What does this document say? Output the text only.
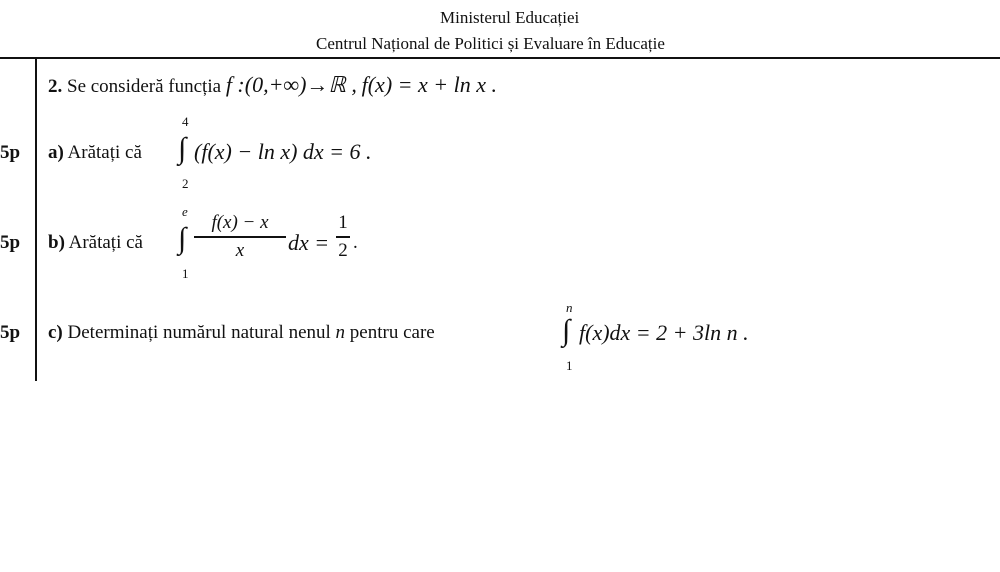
Ministerul Educației
Centrul Național de Politici și Evaluare în Educație
2. Se consideră funcția f :(0,+∞)→ℝ , f(x) = x + ln x .
5p a) Arătați că
4
∫
2
(f(x) − ln x) dx = 6 .
5p b) Arătați că
e
∫
1
f(x) − x
x	dx =
1
2 .
5p c) Determinați numărul natural nenul n pentru care
n
∫
1
f(x)dx = 2 + 3ln n .
